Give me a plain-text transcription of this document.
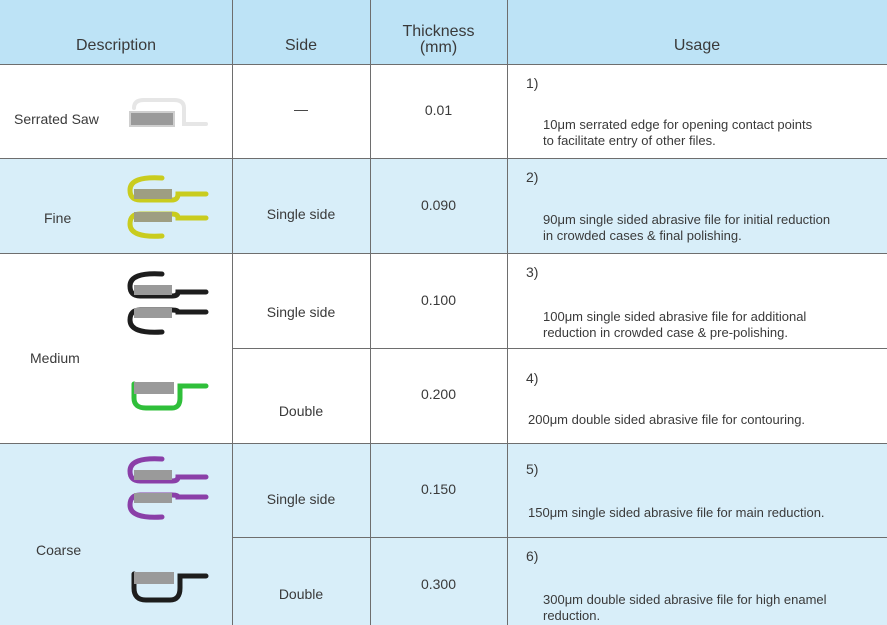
Description	Side
Thickness
(mm)	Usage
Serrated Saw
Fine
Medium
Coarse
—
Single side
Single side
Double
Single side
Double
0.01
0.090
0.100
0.200
0.150
0.300
1)
10μm serrated edge for opening contact points
to facilitate entry of other files.
2)
90μm single sided abrasive file for initial reduction
in crowded cases & final polishing.
3)
100μm single sided abrasive file for additional
reduction in crowded case & pre-polishing.
4)
200μm double sided abrasive file for contouring.
5)
150μm single sided abrasive file for main reduction.
6)
300μm double sided abrasive file for high enamel
reduction.
